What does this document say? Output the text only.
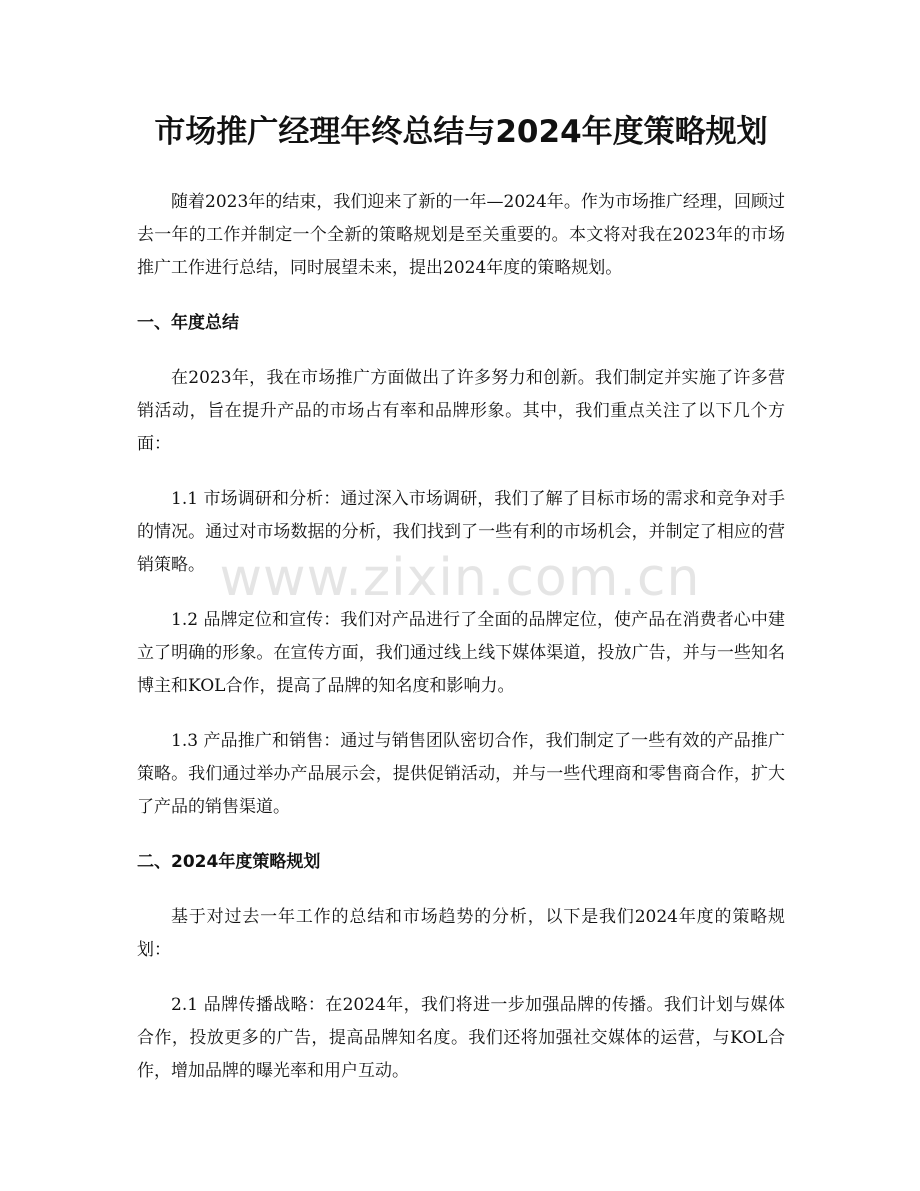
市场推广经理年终总结与2024年度策略规划

随着2023年的结束，我们迎来了新的一年—2024年。作为市场推广经理，回顾过去一年的工作并制定一个全新的策略规划是至关重要的。本文将对我在2023年的市场推广工作进行总结，同时展望未来，提出2024年度的策略规划。

一、年度总结

在2023年，我在市场推广方面做出了许多努力和创新。我们制定并实施了许多营销活动，旨在提升产品的市场占有率和品牌形象。其中，我们重点关注了以下几个方面：

1.1 市场调研和分析：通过深入市场调研，我们了解了目标市场的需求和竞争对手的情况。通过对市场数据的分析，我们找到了一些有利的市场机会，并制定了相应的营销策略。

1.2 品牌定位和宣传：我们对产品进行了全面的品牌定位，使产品在消费者心中建立了明确的形象。在宣传方面，我们通过线上线下媒体渠道，投放广告，并与一些知名博主和KOL合作，提高了品牌的知名度和影响力。

1.3 产品推广和销售：通过与销售团队密切合作，我们制定了一些有效的产品推广策略。我们通过举办产品展示会，提供促销活动，并与一些代理商和零售商合作，扩大了产品的销售渠道。

二、2024年度策略规划

基于对过去一年工作的总结和市场趋势的分析，以下是我们2024年度的策略规划：

2.1 品牌传播战略：在2024年，我们将进一步加强品牌的传播。我们计划与媒体合作，投放更多的广告，提高品牌知名度。我们还将加强社交媒体的运营，与KOL合作，增加品牌的曝光率和用户互动。

www.zixin.com.cn
